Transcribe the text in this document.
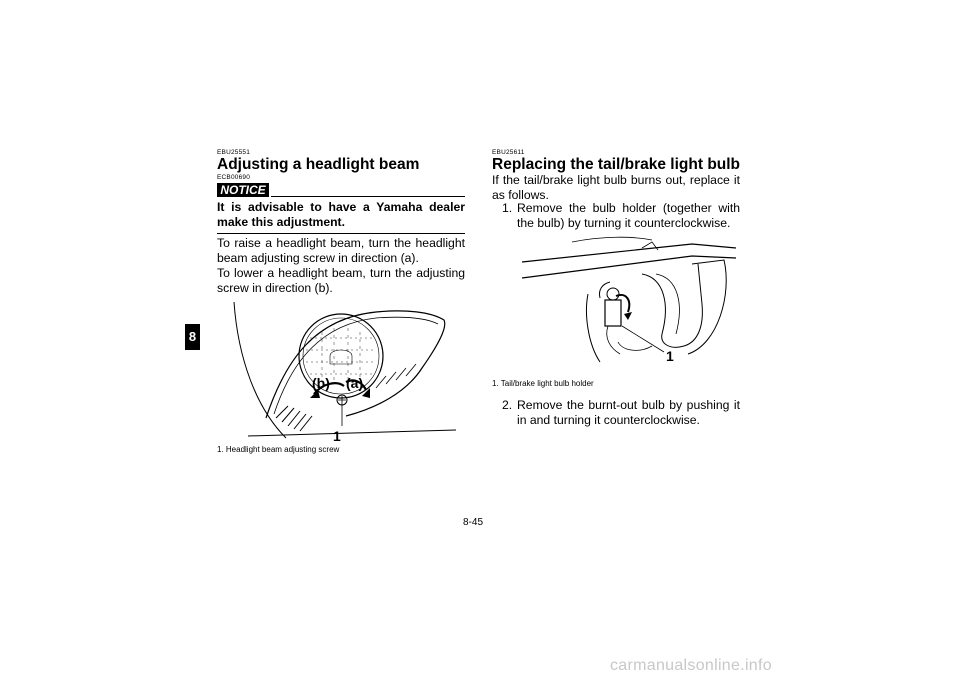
8
EBU25551
Adjusting a headlight beam
ECB00690
NOTICE
It is advisable to have a Yamaha dealer make this adjustment.
To raise a headlight beam, turn the headlight beam adjusting screw in direction (a).
To lower a headlight beam, turn the adjusting screw in direction (b).
(b) (a)
1
1. Headlight beam adjusting screw
EBU25611
Replacing the tail/brake light bulb
If the tail/brake light bulb burns out, replace it as follows.
1. Remove the bulb holder (together with the bulb) by turning it counterclockwise.
1
1. Tail/brake light bulb holder
2. Remove the burnt-out bulb by pushing it in and turning it counterclockwise.
8-45
carmanualsonline.info
